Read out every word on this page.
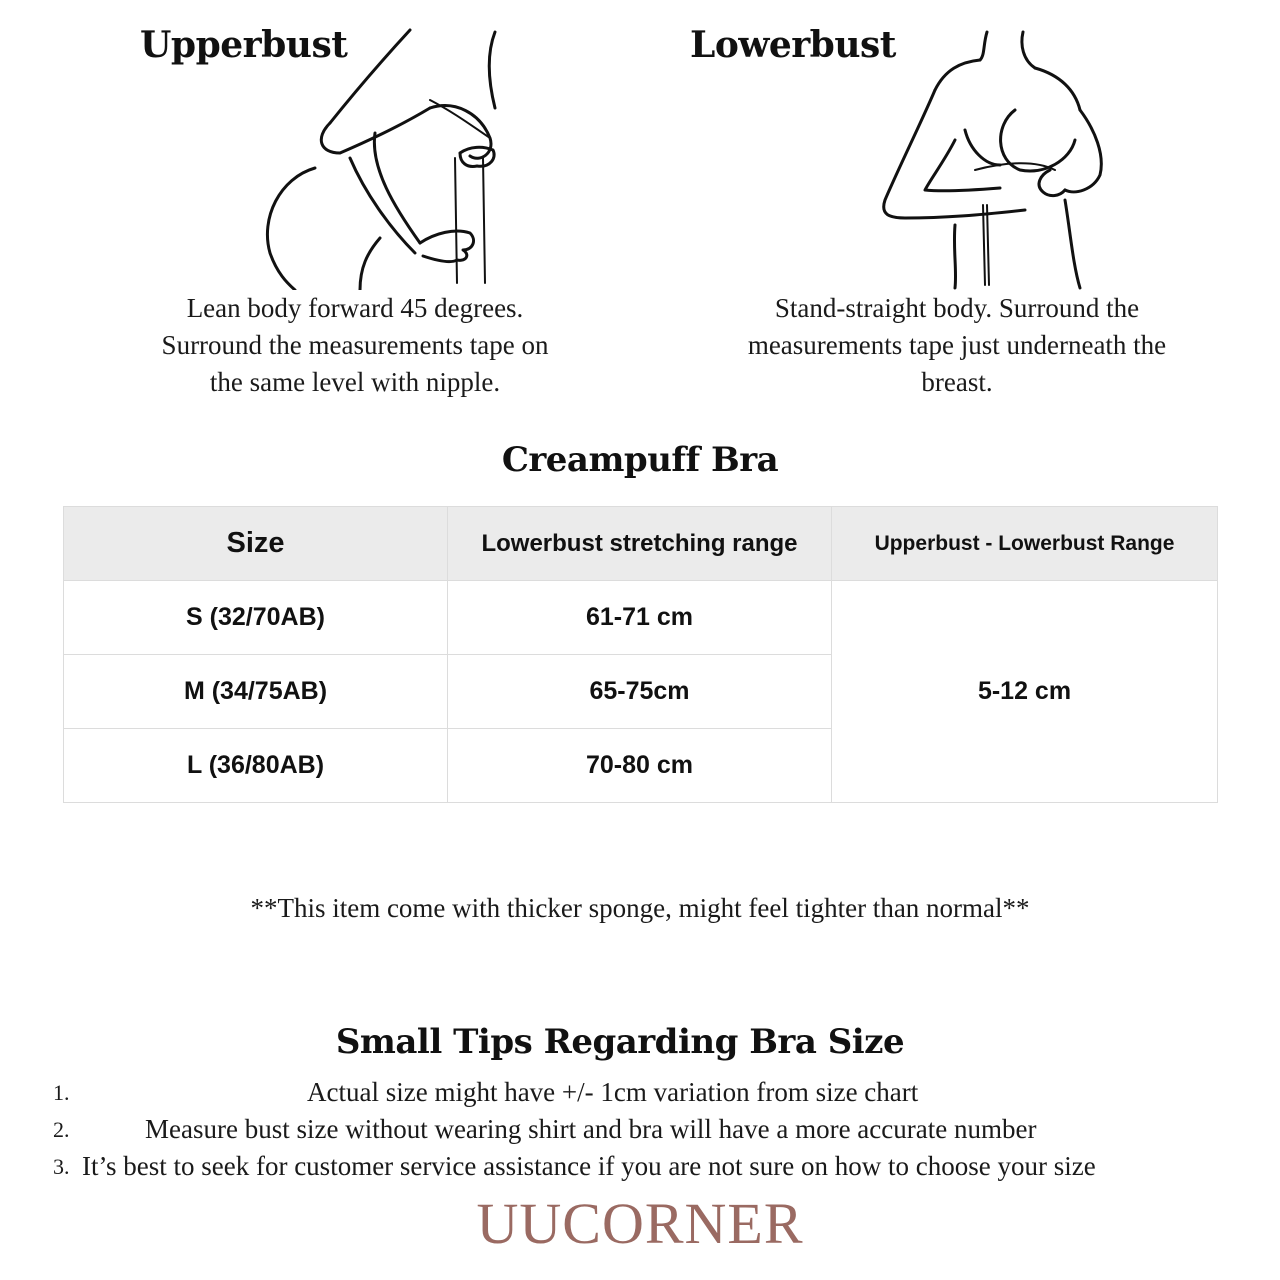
Upperbust
Lean body forward 45 degrees.
Surround the measurements tape on
the same level with nipple.
Lowerbust
Stand-straight body. Surround the
measurements tape just underneath the
breast.
Creampuff Bra
Size	Lowerbust stretching range	Upperbust - Lowerbust Range
S (32/70AB)	61-71 cm	5-12 cm
M (34/75AB)	65-75cm	
L (36/80AB)	70-80 cm	
**This item come with thicker sponge, might feel tighter than normal**
Small Tips Regarding Bra Size
1.	Actual size might have +/- 1cm variation from size chart
2.	Measure bust size without wearing shirt and bra will have a more accurate number
3. It’s best to seek for customer service assistance if you are not sure on how to choose your size
UUCORNER
